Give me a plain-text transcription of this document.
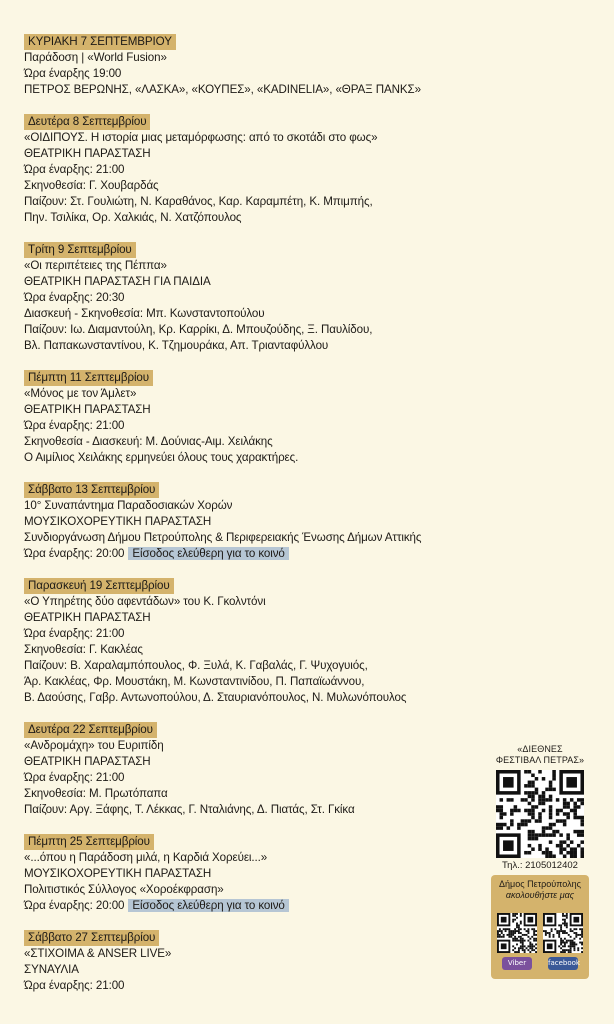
ΚΥΡΙΑΚΗ 7 ΣΕΠΤΕΜΒΡΙΟΥ
Παράδοση | «World Fusion»
Ώρα έναρξης 19:00
ΠΕΤΡΟΣ ΒΕΡΩΝΗΣ, «ΛΑΣΚΑ», «ΚΟΥΠΕΣ», «KADINELIA», «ΘΡΑΞ ΠΑΝΚΣ»
Δευτέρα 8 Σεπτεμβρίου
«ΟΙΔΙΠΟΥΣ. Η ιστορία μιας μεταμόρφωσης: από το σκοτάδι στο φως»
ΘΕΑΤΡΙΚΗ ΠΑΡΑΣΤΑΣΗ
Ώρα έναρξης: 21:00
Σκηνοθεσία: Γ. Χουβαρδάς
Παίζουν: Στ. Γουλιώτη, Ν. Καραθάνος, Καρ. Καραμπέτη, Κ. Μπιμπής,
Πην. Τσιλίκα, Ορ. Χαλκιάς, Ν. Χατζόπουλος
Τρίτη 9 Σεπτεμβρίου
«Οι περιπέτειες της Πέππα»
ΘΕΑΤΡΙΚΗ ΠΑΡΑΣΤΑΣΗ ΓΙΑ ΠΑΙΔΙΑ
Ώρα έναρξης: 20:30
Διασκευή - Σκηνοθεσία: Μπ. Κωνσταντοπούλου
Παίζουν: Ιω. Διαμαντούλη, Κρ. Καρρίκι, Δ. Μπουζούδης, Ξ. Παυλίδου,
Βλ. Παπακωνσταντίνου, Κ. Τζημουράκα, Απ. Τριανταφύλλου
Πέμπτη 11 Σεπτεμβρίου
«Μόνος με τον Άμλετ»
ΘΕΑΤΡΙΚΗ ΠΑΡΑΣΤΑΣΗ
Ώρα έναρξης: 21:00
Σκηνοθεσία - Διασκευή: Μ. Δούνιας-Αιμ. Χειλάκης
Ο Αιμίλιος Χειλάκης ερμηνεύει όλους τους χαρακτήρες.
Σάββατο 13 Σεπτεμβρίου
10° Συναπάντημα Παραδοσιακών Χορών
ΜΟΥΣΙΚΟΧΟΡΕΥΤΙΚΗ ΠΑΡΑΣΤΑΣΗ
Συνδιοργάνωση Δήμου Πετρούπολης & Περιφερειακής Ένωσης Δήμων Αττικής
Ώρα έναρξης: 20:00 Είσοδος ελεύθερη για το κοινό
Παρασκευή 19 Σεπτεμβρίου
«Ο Υπηρέτης δύο αφεντάδων» του Κ. Γκολντόνι
ΘΕΑΤΡΙΚΗ ΠΑΡΑΣΤΑΣΗ
Ώρα έναρξης: 21:00
Σκηνοθεσία: Γ. Κακλέας
Παίζουν: Β. Χαραλαμπόπουλος, Φ. Ξυλά, Κ. Γαβαλάς, Γ. Ψυχογυιός,
Άρ. Κακλέας, Φρ. Μουστάκη, Μ. Κωνσταντινίδου, Π. Παπαϊωάννου,
Β. Δαούσης, Γαβρ. Αντωνοπούλου, Δ. Σταυριανόπουλος, Ν. Μυλωνόπουλος
Δευτέρα 22 Σεπτεμβρίου
«Ανδρομάχη» του Ευριπίδη
ΘΕΑΤΡΙΚΗ ΠΑΡΑΣΤΑΣΗ
Ώρα έναρξης: 21:00
Σκηνοθεσία: Μ. Πρωτόπαπα
Παίζουν: Αργ. Ξάφης, Τ. Λέκκας, Γ. Νταλιάνης, Δ. Πιατάς, Στ. Γκίκα
Πέμπτη 25 Σεπτεμβρίου
«...όπου η Παράδοση μιλά, η Καρδιά Χορεύει...»
ΜΟΥΣΙΚΟΧΟΡΕΥΤΙΚΗ ΠΑΡΑΣΤΑΣΗ
Πολιτιστικός Σύλλογος «Χοροέκφραση»
Ώρα έναρξης: 20:00 Είσοδος ελεύθερη για το κοινό
Σάββατο 27 Σεπτεμβρίου
«ΣΤΙΧΟΙΜΑ & ANSER LIVE»
ΣΥΝΑΥΛΙΑ
Ώρα έναρξης: 21:00
«ΔΙΕΘΝΕΣ
ΦΕΣΤΙΒΑΛ ΠΕΤΡΑΣ»
Τηλ.: 2105012402
Δήμος Πετρούπολης
ακολουθήστε μας
Viber	facebook
